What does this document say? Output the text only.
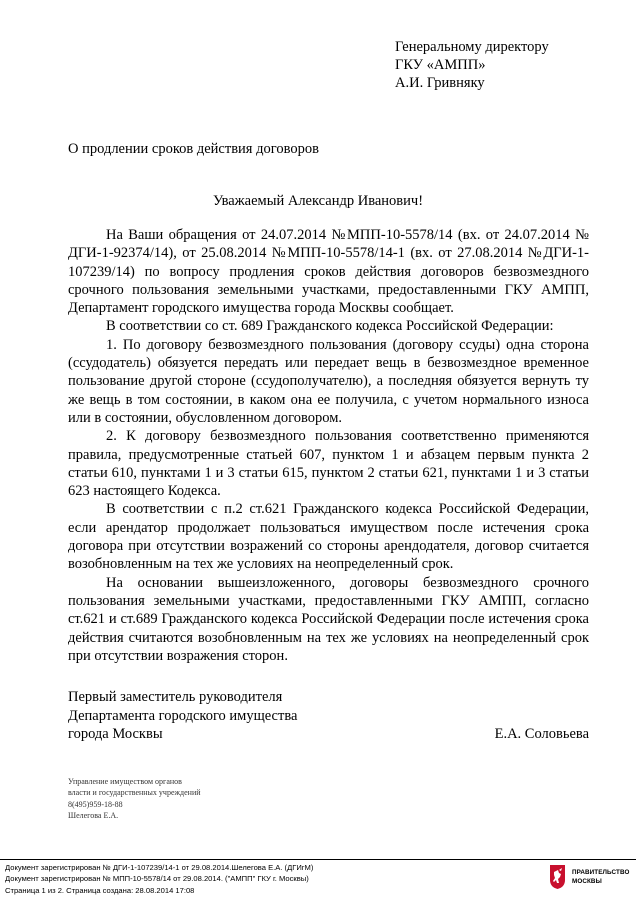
Генеральному директору
ГКУ «АМПП»
А.И. Гривняку
О продлении сроков действия договоров
Уважаемый Александр Иванович!

На Ваши обращения от 24.07.2014 №МПП-10-5578/14 (вх. от 24.07.2014 № ДГИ-1-92374/14), от 25.08.2014 №МПП-10-5578/14-1 (вх. от 27.08.2014 №ДГИ-1-107239/14) по вопросу продления сроков действия договоров безвозмездного срочного пользования земельными участками, предоставленными ГКУ АМПП, Департамент городского имущества города Москвы сообщает.

В соответствии со ст. 689 Гражданского кодекса Российской Федерации:

1. По договору безвозмездного пользования (договору ссуды) одна сторона (ссудодатель) обязуется передать или передает вещь в безвозмездное временное пользование другой стороне (ссудополучателю), а последняя обязуется вернуть ту же вещь в том состоянии, в каком она ее получила, с учетом нормального износа или в состоянии, обусловленном договором.

2. К договору безвозмездного пользования соответственно применяются правила, предусмотренные статьей 607, пунктом 1 и абзацем первым пункта 2 статьи 610, пунктами 1 и 3 статьи 615, пунктом 2 статьи 621, пунктами 1 и 3 статьи 623 настоящего Кодекса.

В соответствии с п.2 ст.621 Гражданского кодекса Российской Федерации, если арендатор продолжает пользоваться имуществом после истечения срока договора при отсутствии возражений со стороны арендодателя, договор считается возобновленным на тех же условиях на неопределенный срок.

На основании вышеизложенного, договоры безвозмездного срочного пользования земельными участками, предоставленными ГКУ АМПП, согласно ст.621 и ст.689 Гражданского кодекса Российской Федерации после истечения срока действия считаются возобновленным на тех же условиях на неопределенный срок при отсутствии возражения сторон.

Первый заместитель руководителя
Департамента городского имущества
города Москвы	Е.А. Соловьева
Управление имуществом органов
власти и государственных учреждений
8(495)959-18-88
Шелегова Е.А.
Документ зарегистрирован № ДГИ-1-107239/14-1 от 29.08.2014.Шелегова Е.А. (ДГИгМ)
Документ зарегистрирован № МПП-10-5578/14 от 29.08.2014. ("АМПП" ГКУ г. Москвы)
Страница 1 из 2. Страница создана: 28.08.2014 17:08
ПРАВИТЕЛЬСТВО
МОСКВЫ
